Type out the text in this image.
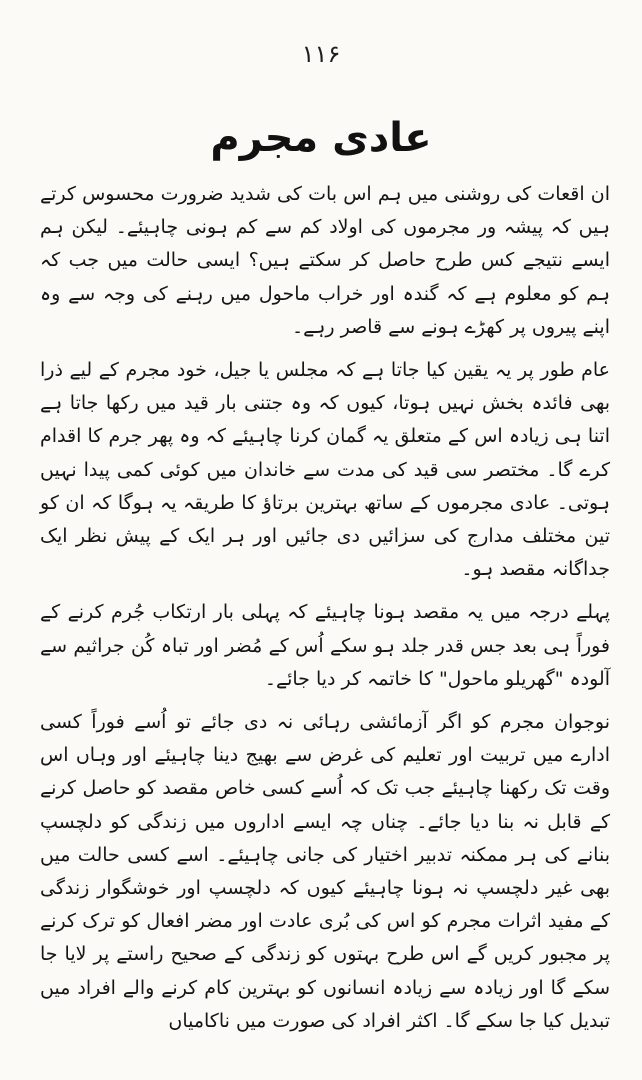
۱۱۶
عادی مجرم

ان اقعات کی روشنی میں ہم اس بات کی شدید ضرورت محسوس کرتے ہیں کہ پیشہ ور مجرموں کی اولاد کم سے کم ہونی چاہیئے۔ لیکن ہم ایسے نتیجے کس طرح حاصل کر سکتے ہیں؟ ایسی حالت میں جب کہ ہم کو معلوم ہے کہ گندہ اور خراب ماحول میں رہنے کی وجہ سے وہ اپنے پیروں پر کھڑے ہونے سے قاصر رہے۔

عام طور پر یہ یقین کیا جاتا ہے کہ مجلس یا جیل، خود مجرم کے لیے ذرا بھی فائدہ بخش نہیں ہوتا، کیوں کہ وہ جتنی بار قید میں رکھا جاتا ہے اتنا ہی زیادہ اس کے متعلق یہ گمان کرنا چاہیئے کہ وہ پھر جرم کا اقدام کرے گا۔ مختصر سی قید کی مدت سے خاندان میں کوئی کمی پیدا نہیں ہوتی۔ عادی مجرموں کے ساتھ بہترین برتاؤ کا طریقہ یہ ہوگا کہ ان کو تین مختلف مدارج کی سزائیں دی جائیں اور ہر ایک کے پیش نظر ایک جداگانہ مقصد ہو۔

پہلے درجہ میں یہ مقصد ہونا چاہیئے کہ پہلی بار ارتکاب جُرم کرنے کے فوراً ہی بعد جس قدر جلد ہو سکے اُس کے مُضر اور تباہ کُن جراثیم سے آلودہ "گھریلو ماحول" کا خاتمہ کر دیا جائے۔

نوجوان مجرم کو اگر آزمائشی رہائی نہ دی جائے تو اُسے فوراً کسی ادارے میں تربیت اور تعلیم کی غرض سے بھیج دینا چاہیئے اور وہاں اس وقت تک رکھنا چاہیئے جب تک کہ اُسے کسی خاص مقصد کو حاصل کرنے کے قابل نہ بنا دیا جائے۔ چناں چہ ایسے اداروں میں زندگی کو دلچسپ بنانے کی ہر ممکنہ تدبیر اختیار کی جانی چاہیئے۔ اسے کسی حالت میں بھی غیر دلچسپ نہ ہونا چاہیئے کیوں کہ دلچسپ اور خوشگوار زندگی کے مفید اثرات مجرم کو اس کی بُری عادت اور مضر افعال کو ترک کرنے پر مجبور کریں گے اس طرح بہتوں کو زندگی کے صحیح راستے پر لایا جا سکے گا اور زیادہ سے زیادہ انسانوں کو بہترین کام کرنے والے افراد میں تبدیل کیا جا سکے گا۔ اکثر افراد کی صورت میں ناکامیاں
